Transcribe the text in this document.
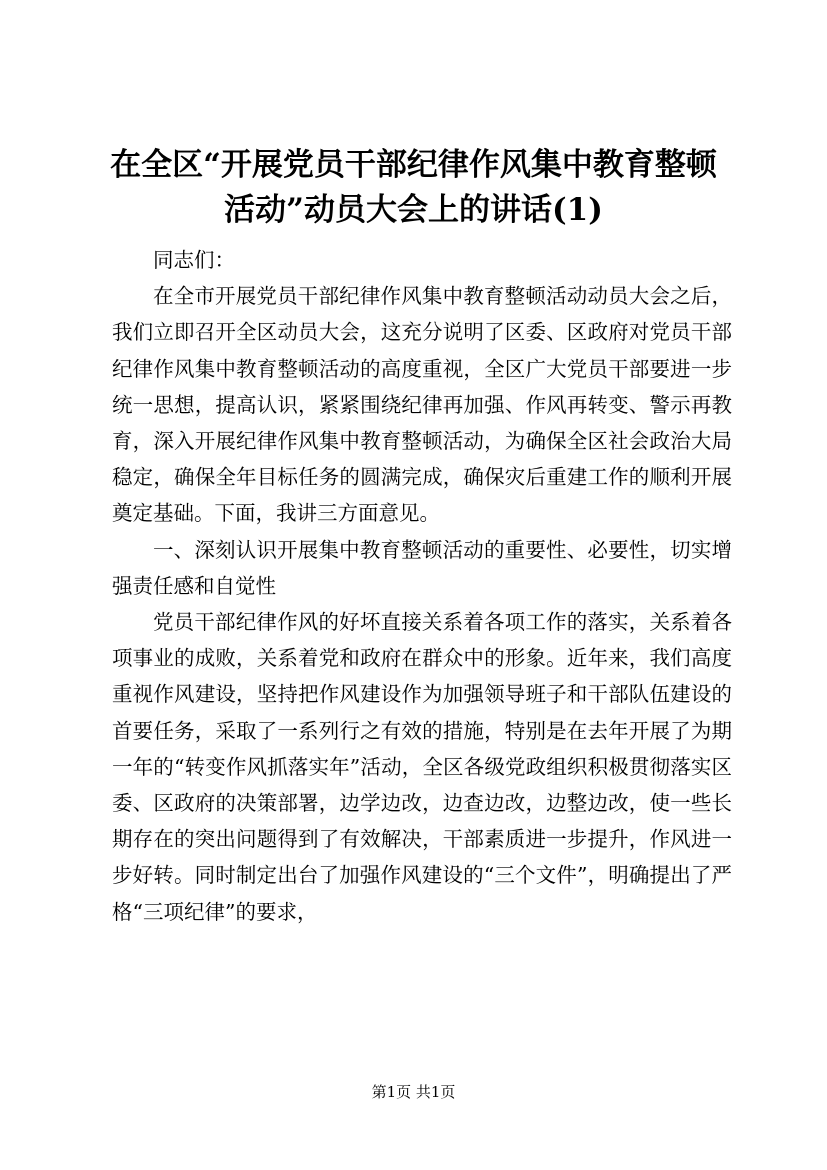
在全区“开展党员干部纪律作风集中教育整顿
活动”动员大会上的讲话(1)

同志们：

在全市开展党员干部纪律作风集中教育整顿活动动员大会之后，我们立即召开全区动员大会，这充分说明了区委、区政府对党员干部纪律作风集中教育整顿活动的高度重视，全区广大党员干部要进一步统一思想，提高认识，紧紧围绕纪律再加强、作风再转变、警示再教育，深入开展纪律作风集中教育整顿活动，为确保全区社会政治大局稳定，确保全年目标任务的圆满完成，确保灾后重建工作的顺利开展奠定基础。下面，我讲三方面意见。

一、深刻认识开展集中教育整顿活动的重要性、必要性，切实增强责任感和自觉性

党员干部纪律作风的好坏直接关系着各项工作的落实，关系着各项事业的成败，关系着党和政府在群众中的形象。近年来，我们高度重视作风建设，坚持把作风建设作为加强领导班子和干部队伍建设的首要任务，采取了一系列行之有效的措施，特别是在去年开展了为期一年的“转变作风抓落实年”活动，全区各级党政组织积极贯彻落实区委、区政府的决策部署，边学边改，边查边改，边整边改，使一些长期存在的突出问题得到了有效解决，干部素质进一步提升，作风进一步好转。同时制定出台了加强作风建设的“三个文件”，明确提出了严格“三项纪律”的要求，

第1页 共1页
